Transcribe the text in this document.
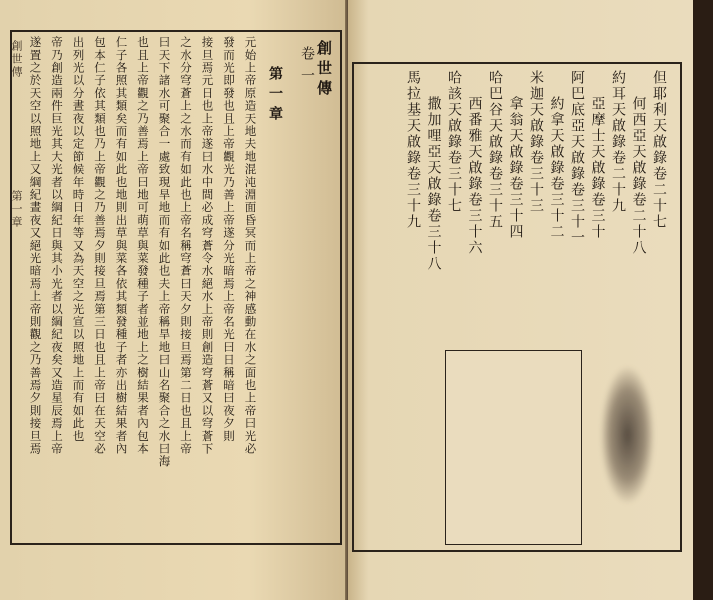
元始上帝原造天地夫地混沌淵面昏冥而上帝之神感動在水之面也上帝曰光必
發而光即發也且上帝觀光乃善上帝遂分光暗焉上帝名光曰日稱暗曰夜夕則
接旦焉元日也上帝遂曰水中間必成穹蒼令水絕水上帝則創造穹蒼又以穹蒼下
之水分穹蒼上之水而有如此也上帝名稱穹蒼曰天夕則接旦焉第二日也且上帝
曰天下諸水可聚合一處致現旱地而有如此也夫上帝稱旱地曰山名聚合之水曰海
也且上帝觀之乃善焉上帝曰地可萌草與菜發種子者並地上之樹結果者內包本
仁子各照其類矣而有如此也地則出草與菜各依其類發種子者亦出樹結果者內
包本仁子依其類也乃上帝觀之乃善焉夕則接旦焉第三日也且上帝曰在天空必
出列光以分晝夜以定節候年時日年等又為天空之光宣以照地上而有如此也
帝乃創造兩件巨光其大光者以綱紀日與其小光者以綱紀夜矣又造星辰焉上帝
遂置之於天空以照地上又綱紀晝夜又絕光暗焉上帝則觀之乃善焉夕則接旦焉
創世傳
第一章
創世傳
卷一
第一章
　　　　　　	但耶利天啟錄卷二十七
何西亞天啟錄卷二十八
約耳天啟錄卷二十九
亞摩士天啟錄卷三十
阿巴底亞天啟錄卷三十一
約拿天啟錄卷三十二
米迦天啟錄卷三十三
拿翁天啟錄卷三十四
哈巴谷天啟錄卷三十五
西番雅天啟錄卷三十六
哈該天啟錄卷三十七
撒加哩亞天啟錄卷三十八
馬拉基天啟錄卷三十九
